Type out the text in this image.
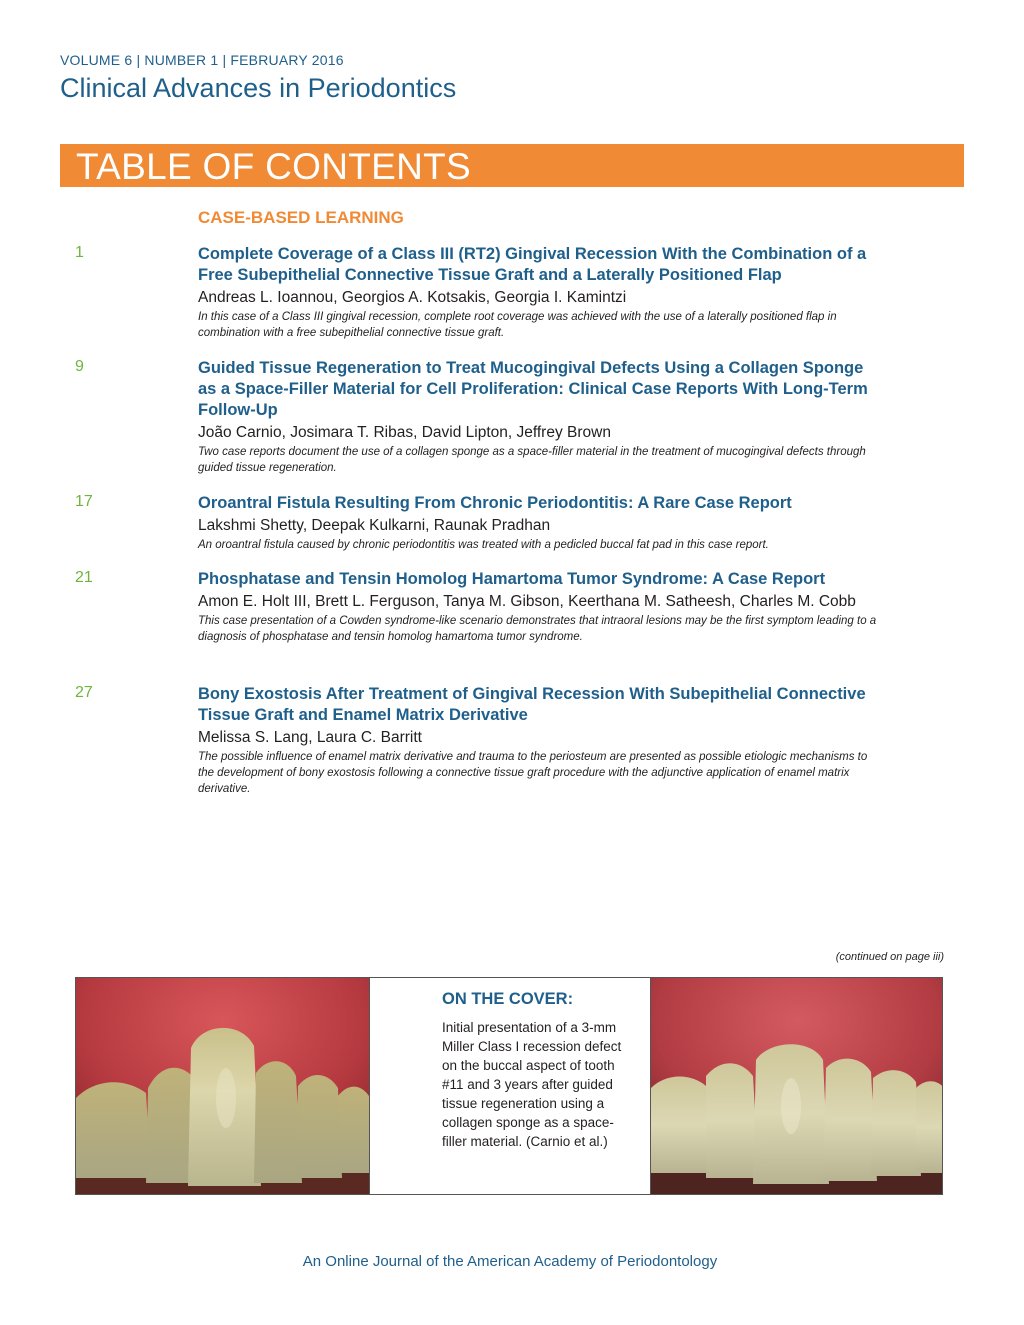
VOLUME 6 | NUMBER 1 | FEBRUARY 2016
Clinical Advances in Periodontics
TABLE OF CONTENTS
CASE-BASED LEARNING
1	Complete Coverage of a Class III (RT2) Gingival Recession With the Combination of a Free Subepithelial Connective Tissue Graft and a Laterally Positioned Flap
Andreas L. Ioannou, Georgios A. Kotsakis, Georgia I. Kamintzi
In this case of a Class III gingival recession, complete root coverage was achieved with the use of a laterally positioned flap in combination with a free subepithelial connective tissue graft.
9	Guided Tissue Regeneration to Treat Mucogingival Defects Using a Collagen Sponge as a Space-Filler Material for Cell Proliferation: Clinical Case Reports With Long-Term Follow-Up
João Carnio, Josimara T. Ribas, David Lipton, Jeffrey Brown
Two case reports document the use of a collagen sponge as a space-filler material in the treatment of mucogingival defects through guided tissue regeneration.
17	Oroantral Fistula Resulting From Chronic Periodontitis: A Rare Case Report
Lakshmi Shetty, Deepak Kulkarni, Raunak Pradhan
An oroantral fistula caused by chronic periodontitis was treated with a pedicled buccal fat pad in this case report.
21	Phosphatase and Tensin Homolog Hamartoma Tumor Syndrome: A Case Report
Amon E. Holt III, Brett L. Ferguson, Tanya M. Gibson, Keerthana M. Satheesh, Charles M. Cobb
This case presentation of a Cowden syndrome-like scenario demonstrates that intraoral lesions may be the first symptom leading to a diagnosis of phosphatase and tensin homolog hamartoma tumor syndrome.
27	Bony Exostosis After Treatment of Gingival Recession With Subepithelial Connective Tissue Graft and Enamel Matrix Derivative
Melissa S. Lang, Laura C. Barritt
The possible influence of enamel matrix derivative and trauma to the periosteum are presented as possible etiologic mechanisms to the development of bony exostosis following a connective tissue graft procedure with the adjunctive application of enamel matrix derivative.
(continued on page iii)
ON THE COVER:
Initial presentation of a 3-mm Miller Class I recession defect on the buccal aspect of tooth #11 and 3 years after guided tissue regeneration using a collagen sponge as a space-filler material. (Carnio et al.)
An Online Journal of the American Academy of Periodontology
